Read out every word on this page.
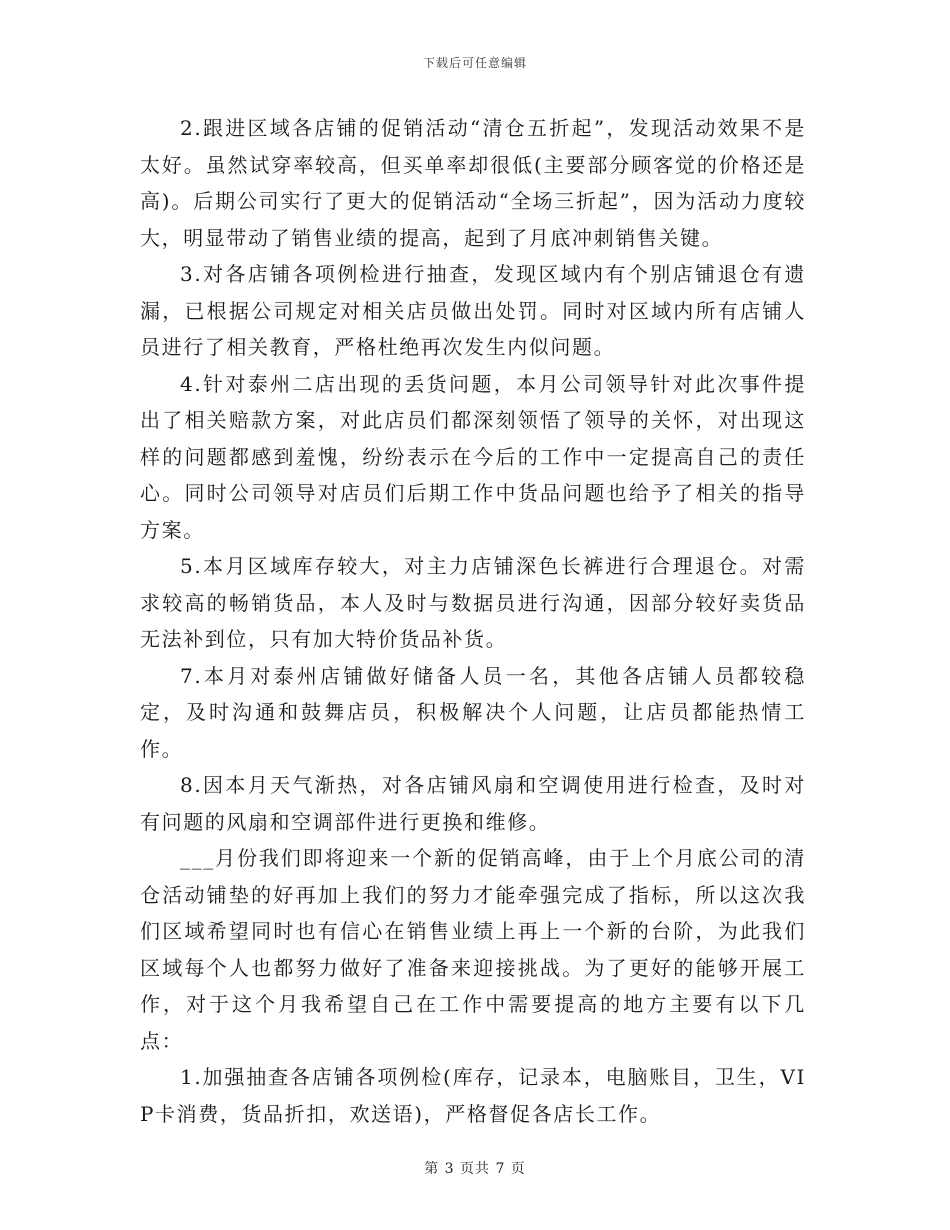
下载后可任意编辑

2.跟进区域各店铺的促销活动“清仓五折起”，发现活动效果不是太好。虽然试穿率较高，但买单率却很低(主要部分顾客觉的价格还是高)。后期公司实行了更大的促销活动“全场三折起”，因为活动力度较大，明显带动了销售业绩的提高，起到了月底冲刺销售关键。

3.对各店铺各项例检进行抽查，发现区域内有个别店铺退仓有遗漏，已根据公司规定对相关店员做出处罚。同时对区域内所有店铺人员进行了相关教育，严格杜绝再次发生内似问题。

4.针对泰州二店出现的丢货问题，本月公司领导针对此次事件提出了相关赔款方案，对此店员们都深刻领悟了领导的关怀，对出现这样的问题都感到羞愧，纷纷表示在今后的工作中一定提高自己的责任心。同时公司领导对店员们后期工作中货品问题也给予了相关的指导方案。

5.本月区域库存较大，对主力店铺深色长裤进行合理退仓。对需求较高的畅销货品，本人及时与数据员进行沟通，因部分较好卖货品无法补到位，只有加大特价货品补货。

7.本月对泰州店铺做好储备人员一名，其他各店铺人员都较稳定，及时沟通和鼓舞店员，积极解决个人问题，让店员都能热情工作。

8.因本月天气渐热，对各店铺风扇和空调使用进行检查，及时对有问题的风扇和空调部件进行更换和维修。

___月份我们即将迎来一个新的促销高峰，由于上个月底公司的清仓活动铺垫的好再加上我们的努力才能牵强完成了指标，所以这次我们区域希望同时也有信心在销售业绩上再上一个新的台阶，为此我们区域每个人也都努力做好了准备来迎接挑战。为了更好的能够开展工作，对于这个月我希望自己在工作中需要提高的地方主要有以下几点：

1.加强抽查各店铺各项例检(库存，记录本，电脑账目，卫生，VIP卡消费，货品折扣，欢送语)，严格督促各店长工作。

第 3 页共 7 页
